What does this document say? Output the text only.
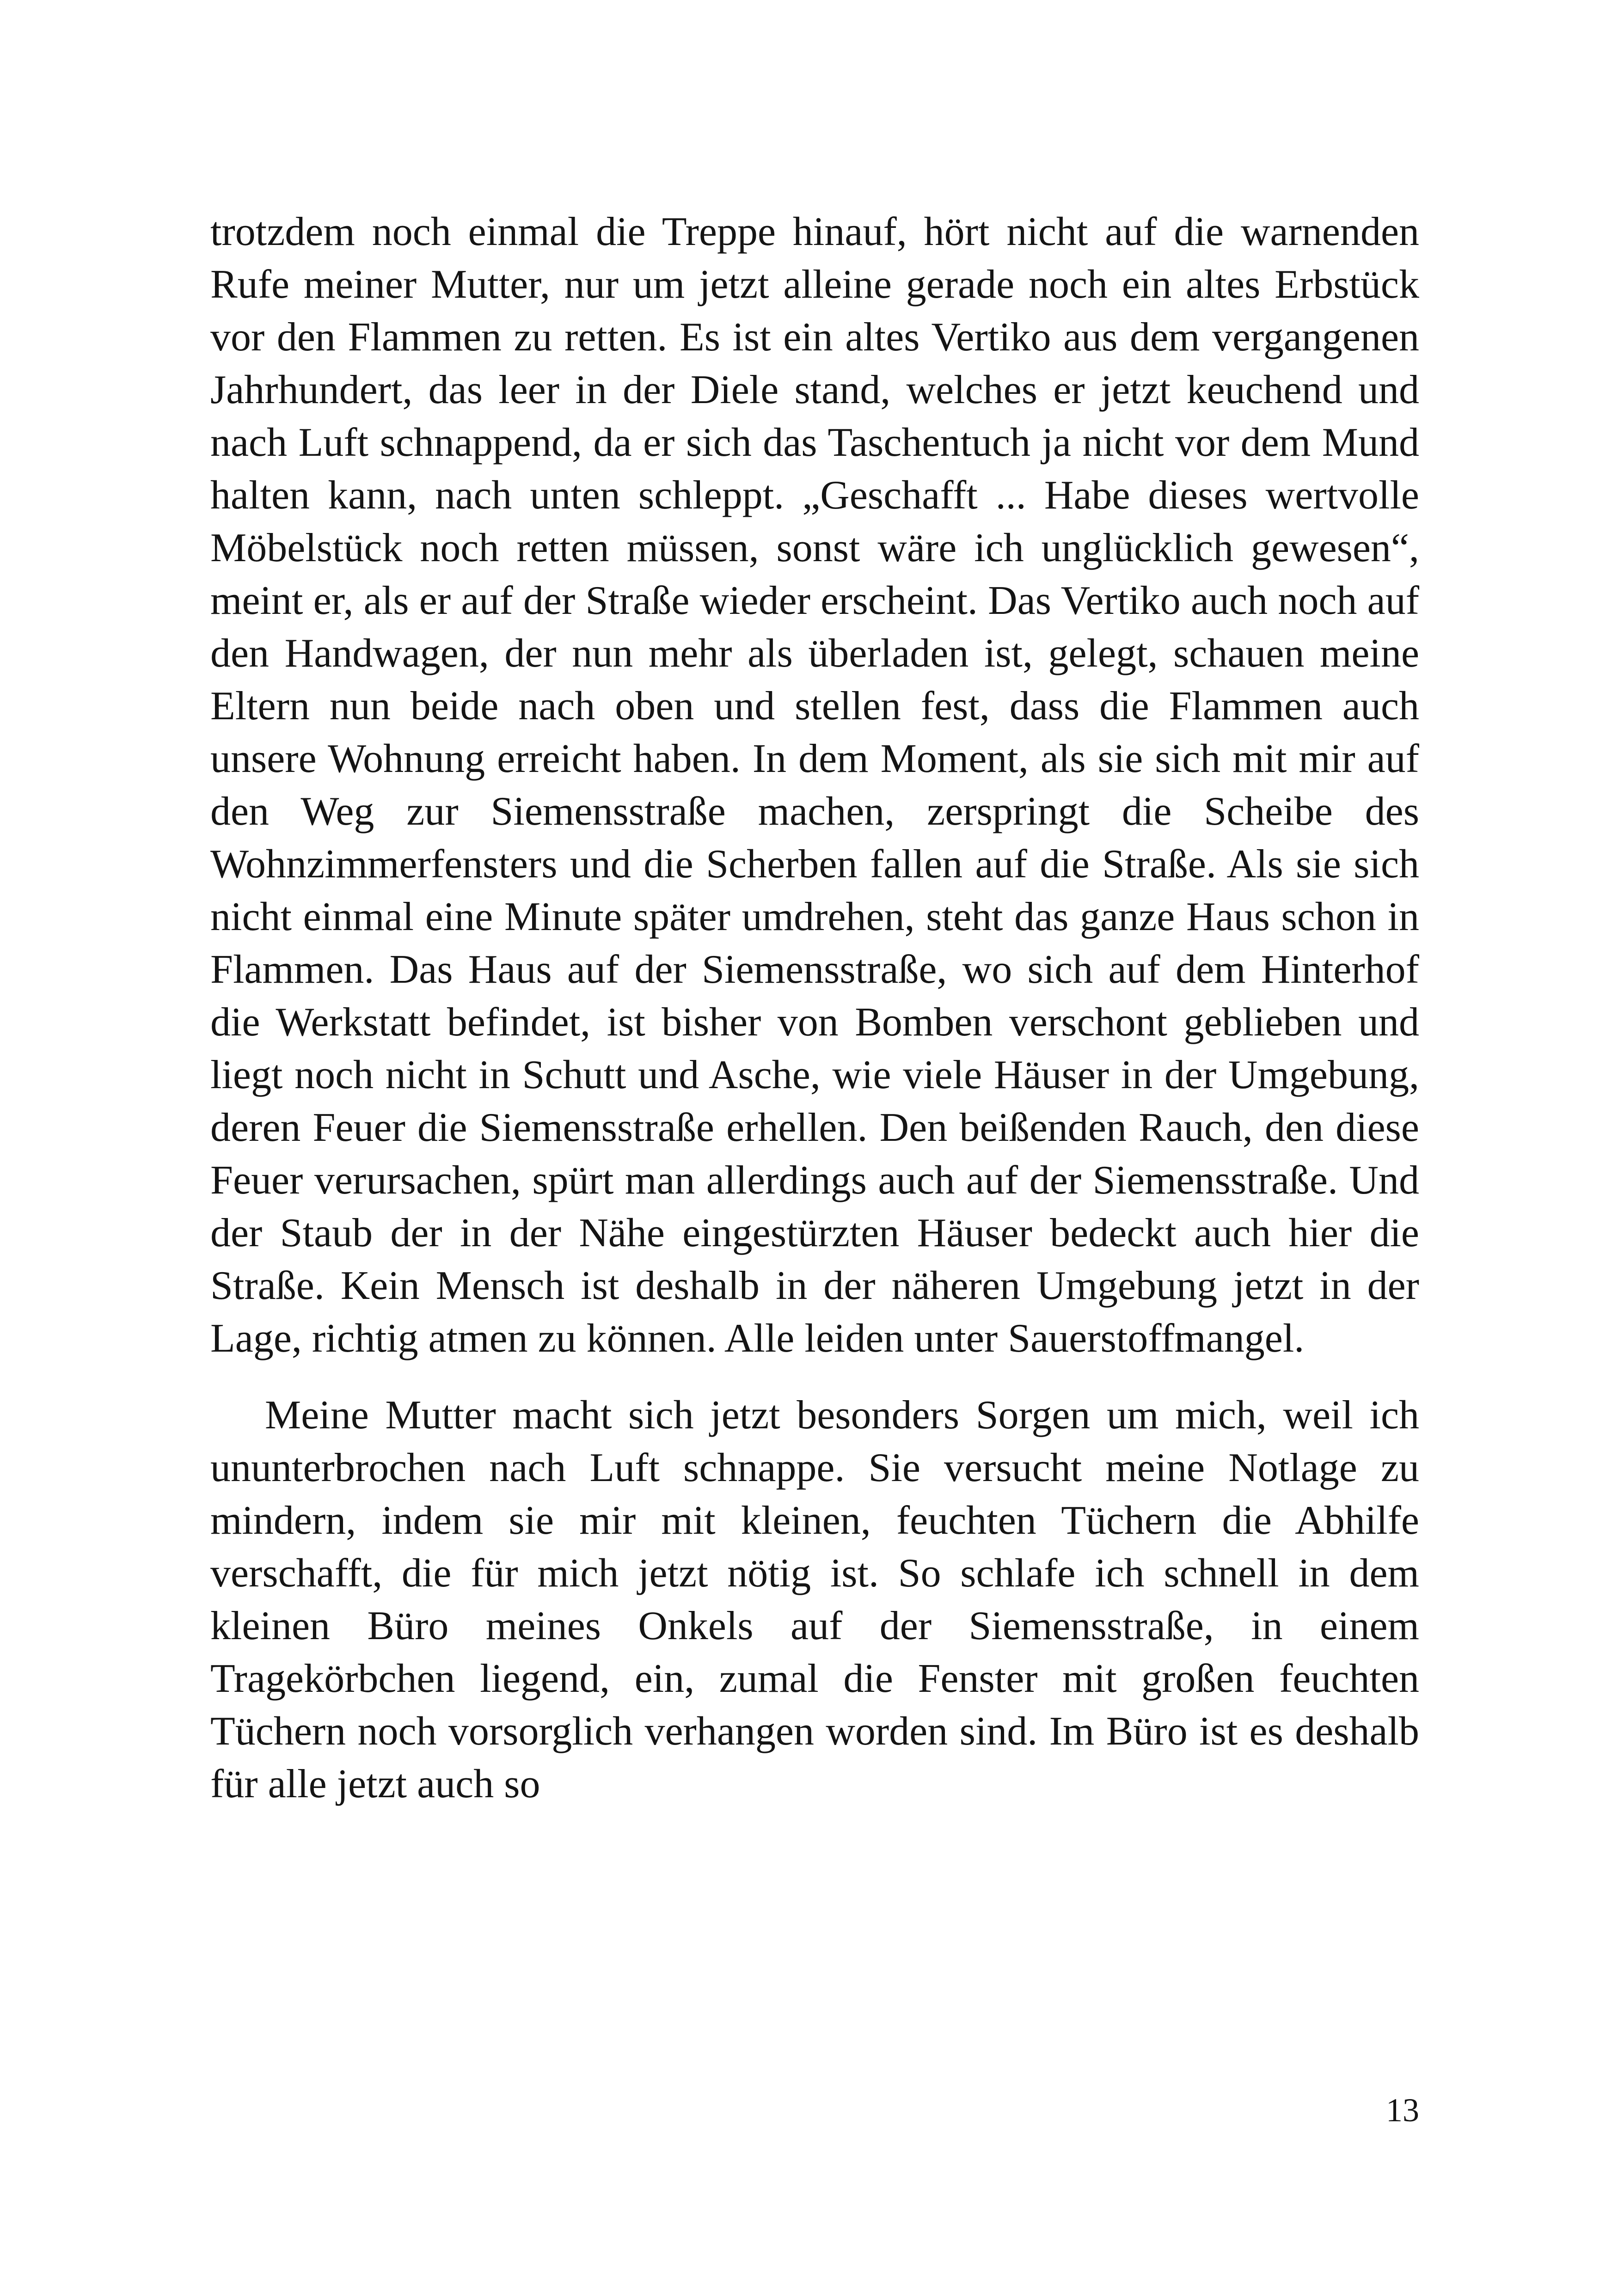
trotzdem noch einmal die Treppe hinauf, hört nicht auf die warnenden Rufe meiner Mutter, nur um jetzt alleine gerade noch ein altes Erbstück vor den Flammen zu retten. Es ist ein altes Vertiko aus dem vergangenen Jahrhundert, das leer in der Diele stand, welches er jetzt keuchend und nach Luft schnappend, da er sich das Taschentuch ja nicht vor dem Mund halten kann, nach unten schleppt. „Geschafft ... Habe dieses wertvolle Möbelstück noch retten müssen, sonst wäre ich unglücklich gewesen“, meint er, als er auf der Straße wieder erscheint. Das Vertiko auch noch auf den Handwagen, der nun mehr als überladen ist, gelegt, schauen meine Eltern nun beide nach oben und stellen fest, dass die Flammen auch unsere Wohnung erreicht haben. In dem Moment, als sie sich mit mir auf den Weg zur Siemensstraße machen, zerspringt die Scheibe des Wohnzimmerfensters und die Scherben fallen auf die Straße. Als sie sich nicht einmal eine Minute später umdrehen, steht das ganze Haus schon in Flammen. Das Haus auf der Siemensstraße, wo sich auf dem Hinterhof die Werkstatt befindet, ist bisher von Bomben verschont geblieben und liegt noch nicht in Schutt und Asche, wie viele Häuser in der Umgebung, deren Feuer die Siemensstraße erhellen. Den beißenden Rauch, den diese Feuer verursachen, spürt man allerdings auch auf der Siemensstraße. Und der Staub der in der Nähe eingestürzten Häuser bedeckt auch hier die Straße. Kein Mensch ist deshalb in der näheren Umgebung jetzt in der Lage, richtig atmen zu können. Alle leiden unter Sauerstoffmangel.

Meine Mutter macht sich jetzt besonders Sorgen um mich, weil ich ununterbrochen nach Luft schnappe. Sie versucht meine Notlage zu mindern, indem sie mir mit kleinen, feuchten Tüchern die Abhilfe verschafft, die für mich jetzt nötig ist. So schlafe ich schnell in dem kleinen Büro meines Onkels auf der Siemensstraße, in einem Tragekörbchen liegend, ein, zumal die Fenster mit großen feuchten Tüchern noch vorsorglich verhangen worden sind. Im Büro ist es deshalb für alle jetzt auch so

13
